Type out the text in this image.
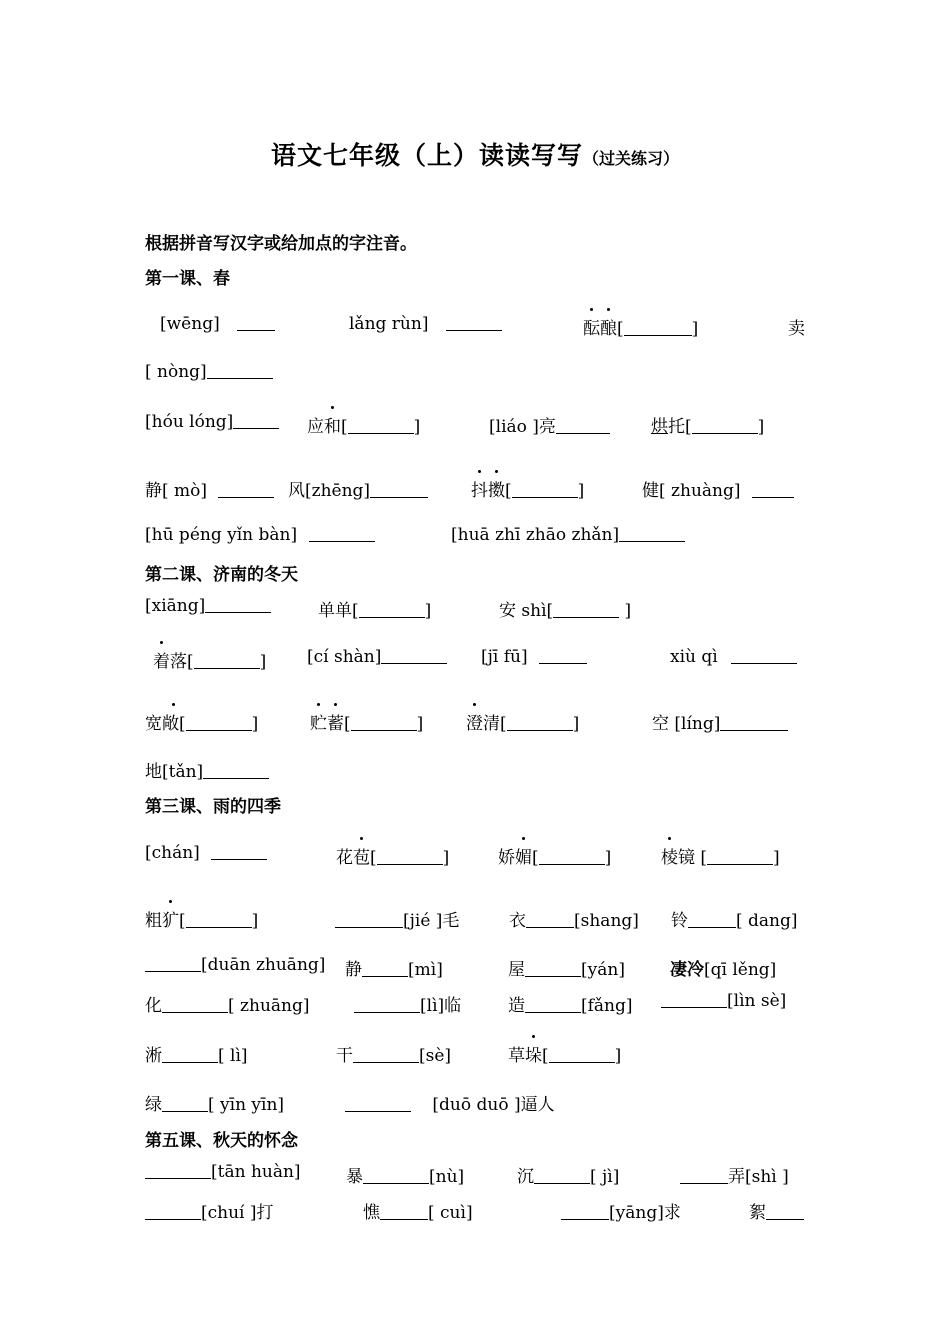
语文七年级（上）读读写写（过关练习）
根据拼音写汉字或给加点的字注音。
第一课、春
[wēng]	lǎng rùn]	酝酿[	]	卖
[ nòng]
[hóu lóng]	应和[	]	[liáo ]亮	烘托[	]
静[ mò]	风[zhēng]	抖擞[	]	健[ zhuàng]
[hū péng yǐn bàn]	[huā zhī zhāo zhǎn]
第二课、济南的冬天
[xiāng]	单单[	]	安 shì[	]
着落[	] [cí shàn]	[jī fū]	xiù qì
宽敞[	]	贮蓄[	]	澄清[	]	空 [líng]
地[tǎn]
第三课、雨的四季
[chán]	花苞[	]	娇媚[	]	棱镜 [	]
粗犷[	]	[jié ]毛	衣	[shang] 铃	[ dang]
[duān zhuāng] 静	[mì]	屋	[yán]	凄冷[qī lěng]
化	[ zhuāng]	[lì]临	造	[fǎng]	[lìn sè]
淅	[ lì]	干	[sè]	草垛[	]
绿	[ yīn yīn]	[duō duō ]逼人
第五课、秋天的怀念
[tān huàn]	暴	[nù]	沉	[ jì]	弄[shì ]
[chuí ]打	憔	[ cuì]	[yāng]求	絮
